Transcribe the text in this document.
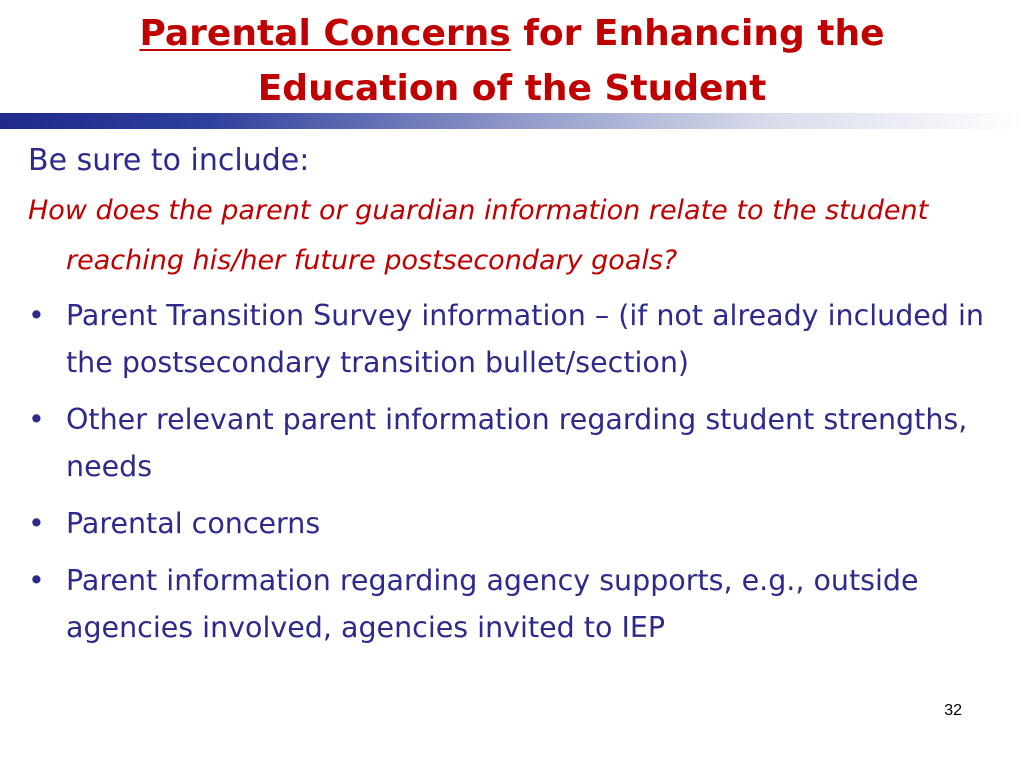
Parental Concerns for Enhancing the Education of the Student

Be sure to include:

How does the parent or guardian information relate to the student reaching his/her future postsecondary goals?

• Parent Transition Survey information – (if not already included in the postsecondary transition bullet/section)
• Other relevant parent information regarding student strengths, needs
• Parental concerns
• Parent information regarding agency supports, e.g., outside agencies involved, agencies invited to IEP
32
